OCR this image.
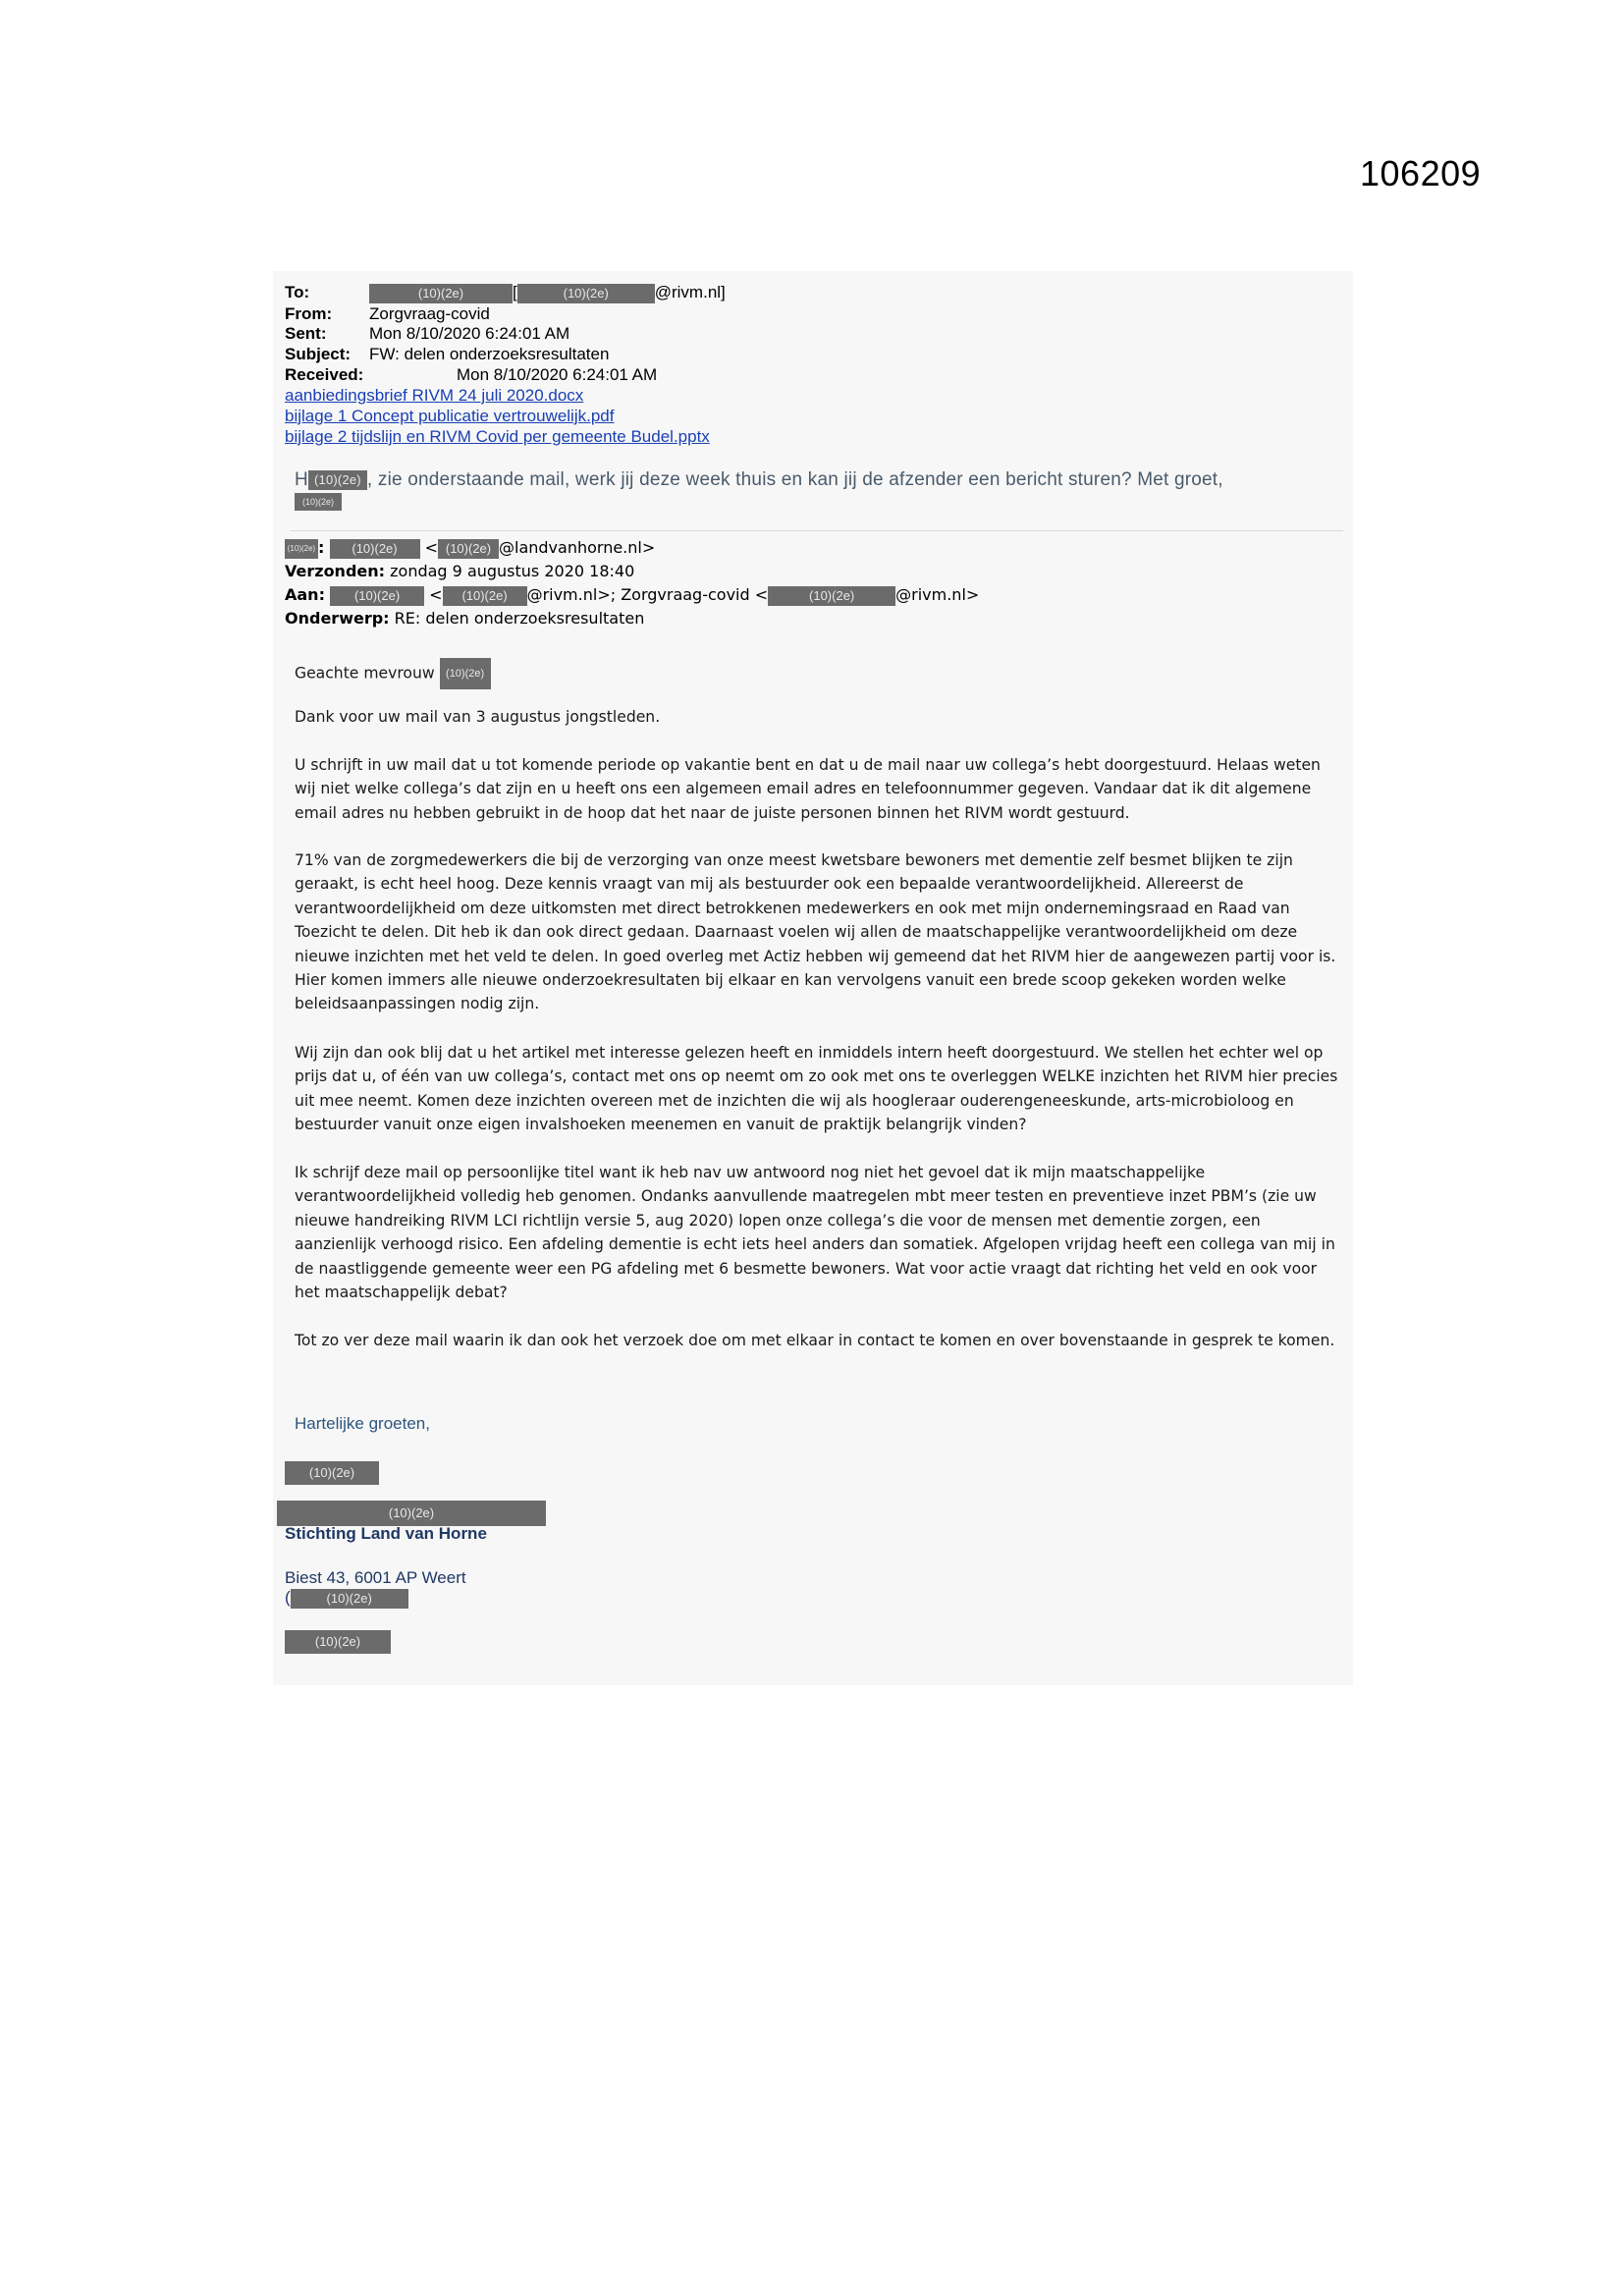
106209
To:	(10)(2e)	[	(10)(2e)	@rivm.nl]
From: Zorgvraag-covid
Sent:	Mon 8/10/2020 6:24:01 AM
Subject: FW: delen onderzoeksresultaten
Received:	Mon 8/10/2020 6:24:01 AM
aanbiedingsbrief RIVM 24 juli 2020.docx
bijlage 1 Concept publicatie vertrouwelijk.pdf
bijlage 2 tijdslijn en RIVM Covid per gemeente Budel.pptx
H (10)(2e) , zie onderstaande mail, werk jij deze week thuis en kan jij de afzender een bericht sturen? Met groet,
(10)(2e)
(10)(2e) : (10)(2e) < (10)(2e) @landvanhorne.nl>
Verzonden: zondag 9 augustus 2020 18:40
Aan: (10)(2e) < (10)(2e) @rivm.nl>; Zorgvraag-covid <	(10)(2e)	@rivm.nl>
Onderwerp: RE: delen onderzoeksresultaten
Geachte mevrouw (10)(2e)
Dank voor uw mail van 3 augustus jongstleden.
U schrijft in uw mail dat u tot komende periode op vakantie bent en dat u de mail naar uw collega’s hebt doorgestuurd. Helaas weten wij niet welke collega’s dat zijn en u heeft ons een algemeen email adres en telefoonnummer gegeven. Vandaar dat ik dit algemene email adres nu hebben gebruikt in de hoop dat het naar de juiste personen binnen het RIVM wordt gestuurd.
71% van de zorgmedewerkers die bij de verzorging van onze meest kwetsbare bewoners met dementie zelf besmet blijken te zijn geraakt, is echt heel hoog. Deze kennis vraagt van mij als bestuurder ook een bepaalde verantwoordelijkheid. Allereerst de verantwoordelijkheid om deze uitkomsten met direct betrokkenen medewerkers en ook met mijn ondernemingsraad en Raad van Toezicht te delen. Dit heb ik dan ook direct gedaan. Daarnaast voelen wij allen de maatschappelijke verantwoordelijkheid om deze nieuwe inzichten met het veld te delen. In goed overleg met Actiz hebben wij gemeend dat het RIVM hier de aangewezen partij voor is. Hier komen immers alle nieuwe onderzoekresultaten bij elkaar en kan vervolgens vanuit een brede scoop gekeken worden welke beleidsaanpassingen nodig zijn.
Wij zijn dan ook blij dat u het artikel met interesse gelezen heeft en inmiddels intern heeft doorgestuurd. We stellen het echter wel op prijs dat u, of één van uw collega’s, contact met ons op neemt om zo ook met ons te overleggen WELKE inzichten het RIVM hier precies uit mee neemt. Komen deze inzichten overeen met de inzichten die wij als hoogleraar ouderengeneeskunde, arts-microbioloog en bestuurder vanuit onze eigen invalshoeken meenemen en vanuit de praktijk belangrijk vinden?
Ik schrijf deze mail op persoonlijke titel want ik heb nav uw antwoord nog niet het gevoel dat ik mijn maatschappelijke verantwoordelijkheid volledig heb genomen. Ondanks aanvullende maatregelen mbt meer testen en preventieve inzet PBM’s (zie uw nieuwe handreiking RIVM LCI richtlijn versie 5, aug 2020) lopen onze collega’s die voor de mensen met dementie zorgen, een aanzienlijk verhoogd risico. Een afdeling dementie is echt iets heel anders dan somatiek. Afgelopen vrijdag heeft een collega van mij in de naastliggende gemeente weer een PG afdeling met 6 besmette bewoners. Wat voor actie vraagt dat richting het veld en ook voor het maatschappelijk debat?
Tot zo ver deze mail waarin ik dan ook het verzoek doe om met elkaar in contact te komen en over bovenstaande in gesprek te komen.
Hartelijke groeten,
(10)(2e)
(10)(2e)
Stichting Land van Horne
Biest 43, 6001 AP Weert
(	(10)(2e)
(10)(2e)
